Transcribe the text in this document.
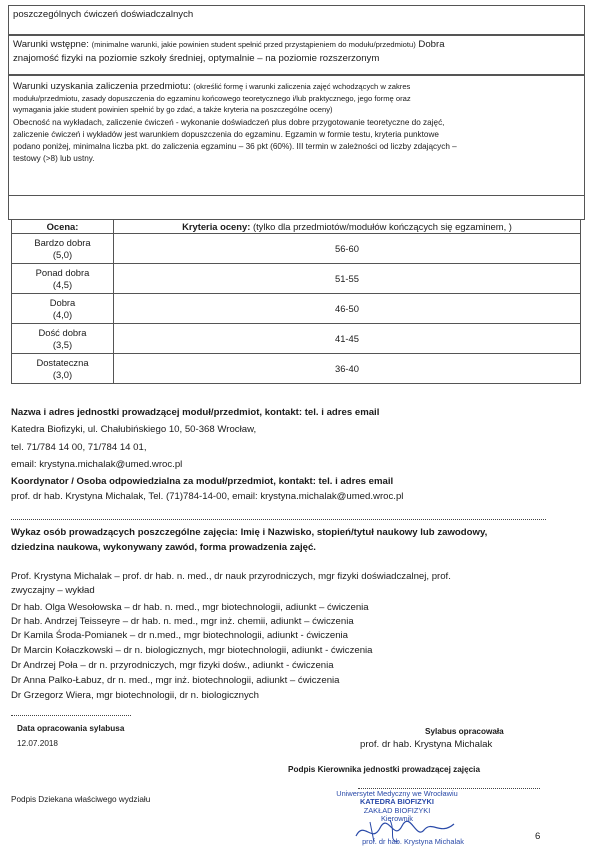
poszczególnych ćwiczeń doświadczalnych
Warunki wstępne: (minimalne warunki, jakie powinien student spełnić przed przystąpieniem do modułu/przedmiotu) Dobra
znajomość fizyki na poziomie szkoły średniej, optymalnie – na poziomie rozszerzonym
Warunki uzyskania zaliczenia przedmiotu: (określić formę i warunki zaliczenia zajęć wchodzących w zakres
modułu/przedmiotu, zasady dopuszczenia do egzaminu końcowego teoretycznego i/lub praktycznego, jego formę oraz
wymagania jakie student powinien spełnić by go zdać, a także kryteria na poszczególne oceny)
Obecność na wykładach, zaliczenie ćwiczeń - wykonanie doświadczeń plus dobre przygotowanie teoretyczne do zajęć,
zaliczenie ćwiczeń i wykładów jest warunkiem dopuszczenia do egzaminu. Egzamin w formie testu, kryteria punktowe
podano poniżej, minimalna liczba pkt. do zaliczenia egzaminu – 36 pkt (60%). III termin w zależności od liczby zdających –
testowy (>8) lub ustny.
Ocena:	Kryteria oceny: (tylko dla przedmiotów/modułów kończących się egzaminem, )
Bardzo dobra
(5,0)	56-60
Ponad dobra
(4,5)	51-55
Dobra
(4,0)	46-50
Dość dobra
(3,5)	41-45
Dostateczna
(3,0)	36-40
Nazwa i adres jednostki prowadzącej moduł/przedmiot, kontakt: tel. i adres email
Katedra Biofizyki, ul. Chałubińskiego 10, 50-368 Wrocław,
tel. 71/784 14 00, 71/784 14 01,
email: krystyna.michalak@umed.wroc.pl
Koordynator / Osoba odpowiedzialna za moduł/przedmiot, kontakt: tel. i adres email
prof. dr hab. Krystyna Michalak, Tel. (71)784-14-00, email: krystyna.michalak@umed.wroc.pl
Wykaz osób prowadzących poszczególne zajęcia: Imię i Nazwisko, stopień/tytuł naukowy lub zawodowy,
dziedzina naukowa, wykonywany zawód, forma prowadzenia zajęć.
Prof. Krystyna Michalak – prof. dr hab. n. med., dr nauk przyrodniczych, mgr fizyki doświadczalnej, prof.
zwyczajny – wykład
Dr hab. Olga Wesołowska – dr hab. n. med., mgr biotechnologii, adiunkt – ćwiczenia
Dr hab. Andrzej Teisseyre – dr hab. n. med., mgr inż. chemii, adiunkt – ćwiczenia
Dr Kamila Środa-Pomianek – dr n.med., mgr biotechnologii, adiunkt - ćwiczenia
Dr Marcin Kołaczkowski – dr n. biologicznych, mgr biotechnologii, adiunkt - ćwiczenia
Dr Andrzej Poła – dr n. przyrodniczych, mgr fizyki dośw., adiunkt - ćwiczenia
Dr Anna Palko-Łabuz, dr n. med., mgr inż. biotechnologii, adiunkt – ćwiczenia
Dr Grzegorz Wiera, mgr biotechnologii, dr n. biologicznych
Data opracowania sylabusa
12.07.2018
Sylabus opracowała
prof. dr hab. Krystyna Michalak
Podpis Kierownika jednostki prowadzącej zajęcia
Podpis Dziekana właściwego wydziału
6
Uniwersytet Medyczny we Wrocławiu
KATEDRA BIOFIZYKI
ZAKŁAD BIOFIZYKI
Kierownik
prof. dr hab. Krystyna Michalak
